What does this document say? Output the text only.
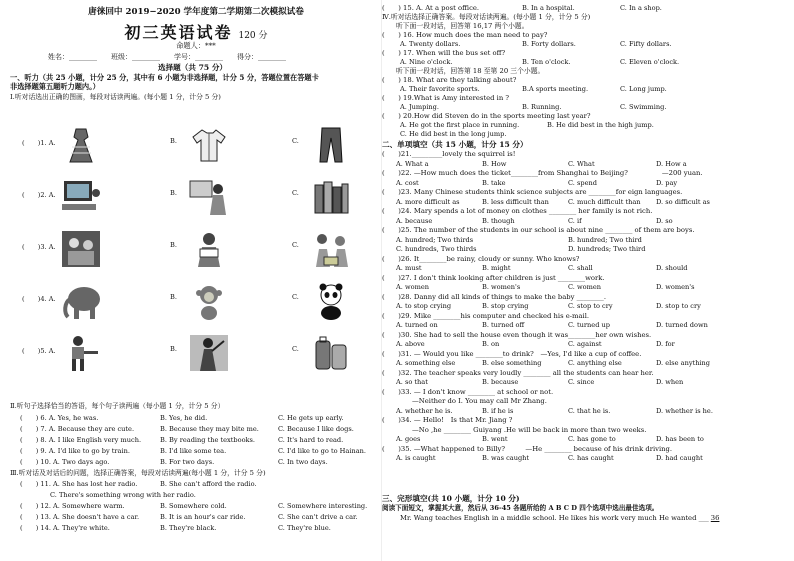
唐徕回中 2019−2020 学年度第二学期第二次模拟试卷
初三英语试卷 120 分
命题人：***
姓名：________　　班级：________　　学号：________　　得分：________
选择题（共 75 分）
一、听力（共 25 小题，计分 25 分，其中有 6 小题为非选择题，计分 5 分，答题位置在答题卡
非选择题第五题听力题内。）
Ⅰ.听对话选出正确的图画，每段对话读两遍。(每小题 1 分，计分 5 分)
(　　)1. A.	B.	C.
(　　)2. A.	B.	C.
(　　)3. A.	B.	C.
(　　)4. A.	B.	C.
(　　)5. A.	B.	C.
Ⅱ.听句子选择恰当的答语，每个句子读两遍（每小题 1 分，计分 5 分）
(　　) 6. A. Yes, he was.	B. Yes, he did.	C. He gets up early.
(　　) 7. A. Because they are cute.	B. Because they may bite me.	C. Because I like dogs.
(　　) 8. A. I like English very much.	B. By reading the textbooks.	C. It's hard to read.
(　　) 9. A. I'd like to go by train.	B. I'd like some tea.	C. I'd like to go to Hainan.
(　　) 10. A. Two days ago.	B. For two days.	C. In two days.
Ⅲ.听对话及对话后的问题，选择正确答案，每段对话读两遍(每小题 1 分，计分 5 分)
(　　) 11. A. She has lost her radio.	B. She can't afford the radio.
C. There's something wrong with her radio.
(　　) 12. A. Somewhere warm.	B. Somewhere cold.	C. Somewhere interesting.
(　　) 13. A. She doesn't have a car.	B. It is an hour's car ride.	C. She can't drive a car.
(　　) 14. A. They're white.	B. They're black.	C. They're blue.
(　　) 15. A. At a post office.	B. In a hospital.	C. In a shop.
Ⅳ.听对话选择正确答案。每段对话读两遍。(每小题 1 分，计分 5 分)
听下面一段对话，回答第 16,17 两个小题。
(　　) 16. How much does the man need to pay?
A. Twenty dollars.	B. Forty dollars.	C. Fifty dollars.
(　　) 17. When will the bus set off?
A. Nine o'clock.	B. Ten o'clock.	C. Eleven o'clock.
听下面一段对话，回答第 18 至第 20 三个小题。
(　　) 18. What are they talking about?
A. Their favorite sports.	B.A sports meeting.	C. Long jump.
(　　) 19.What is Amy interested in ?
A. Jumping.	B. Running.	C. Swimming.
(　　) 20.How did Steven do in the sports meeting last year?
A. He got the first place in running.	B. He did best in the high jump.
C. He did best in the long jump.
二、单项填空（共 15 小题，计分 15 分）
(　　)21._________lovely the squirrel is!
A. What a	B. How	C. What	D. How a
(　　)22. —How much does the ticket________from Shanghai to Beijing?　　　　　—200 yuan.
A. cost	B. take	C. spend	D. pay
(　　)23. Many Chinese students think science subjects are ________for eign languages.
A. more difficult as	B. less difficult than	C. much difficult than D. so difficult as
(　　)24. Mary spends a lot of money on clothes ________ her family is not rich.
A. because	B. though	C. if	D. so
(　　)25. The number of the students in our school is about nine ________ of them are boys.
A. hundred; Two thirds	B. hundred; Two third
C. hundreds, Two thirds	D. hundreds; Two third
(　　)26. It________be rainy, cloudy or sunny. Who knows?
A. must	B. might	C. shall	D. should
(　　)27. I don't think looking after children is just ________work.
A. women	B. women's	C. women	D. women's
(　　)28. Danny did all kinds of things to make the baby ________.
A. to stop crying	B. stop crying	C. stop to cry	D. stop to cry
(　　)29. Mike ________his computer and checked his e-mail.
A. turned on	B. turned off	C. turned up	D. turned down
(　　)30. She had to sell the house even though it was________her own wishes.
A. above	B. on	C. against	D. for
(　　)31. — Would you like ________to drink?　—Yes, I'd like a cup of coffee.
A. something else	B. else something	C. anything else	D. else anything
(　　)32. The teacher speaks very loudly ________ all the students can hear her.
A. so that	B. because	C. since	D. when
(　　)33. — I don't know ________ at school or not.
—Neither do I. You may call Mr Zhang.
A. whether he is.	B. if he is	C. that he is.	D. whether is he.
(　　)34. — Hello!　Is that Mr. Jiang ?
—No ,he ________ Guiyang .He will be back in more than two weeks.
A. goes	B. went	C. has gone to	D. has been to
(　　)35. —What happened to Billy?　　　—He ________ because of his drink driving.
A. is caught	B. was caught	C. has caught	D. had caught
三、完形填空(共 10 小题，计分 10 分)
阅读下面短文，掌握其大意，然后从 36-45 各题所给的 A B C D 四个选项中选出最佳选项。
Mr. Wang teaches English in a middle school. He likes his work very much He wanted ___ 36
